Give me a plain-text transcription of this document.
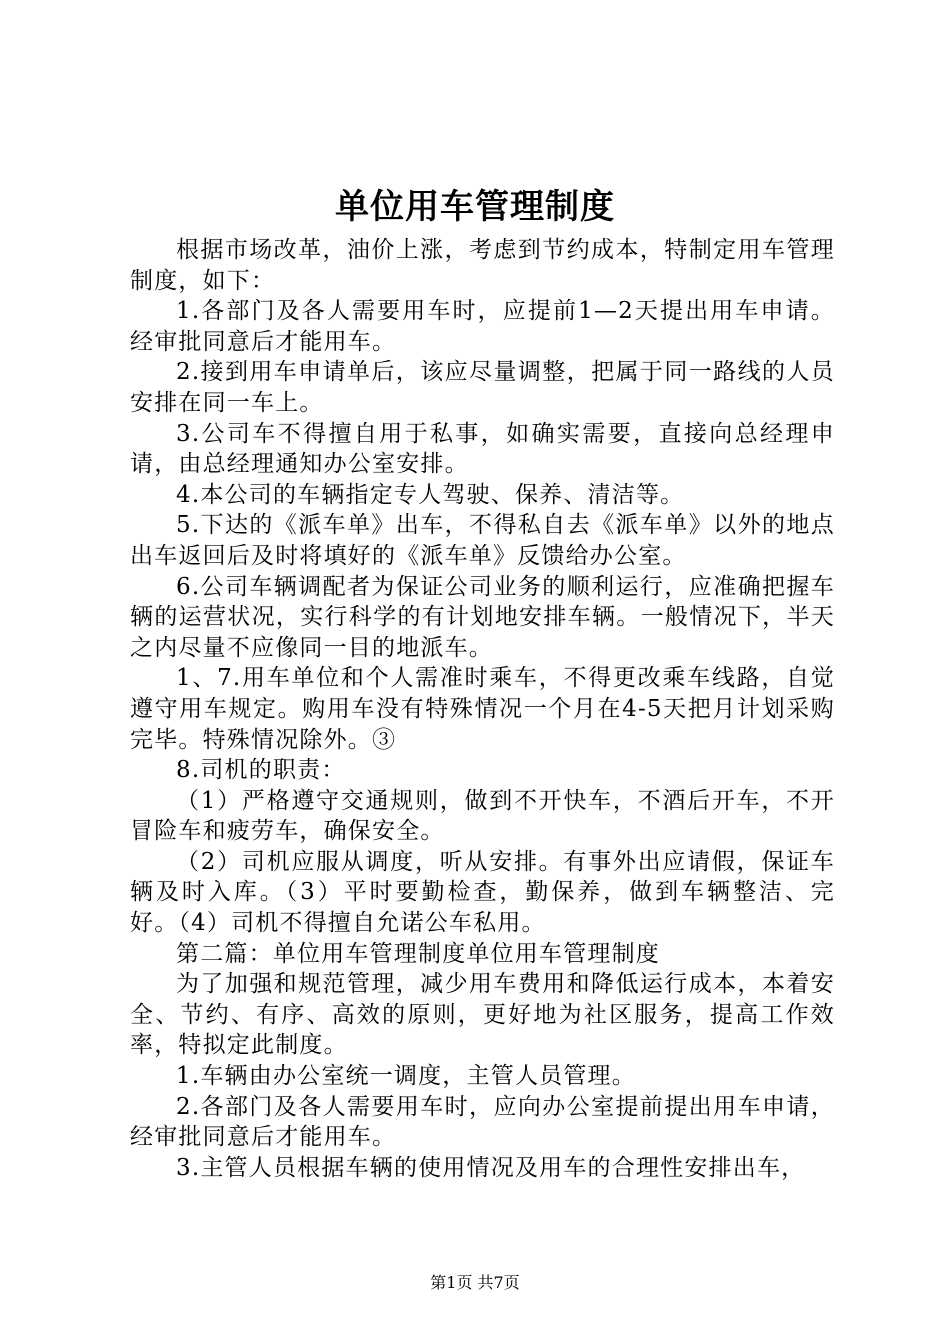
单位用车管理制度

根据市场改革，油价上涨，考虑到节约成本，特制定用车管理制度，如下：

1.各部门及各人需要用车时，应提前1—2天提出用车申请。经审批同意后才能用车。

2.接到用车申请单后，该应尽量调整，把属于同一路线的人员安排在同一车上。

3.公司车不得擅自用于私事，如确实需要，直接向总经理申请，由总经理通知办公室安排。

4.本公司的车辆指定专人驾驶、保养、清洁等。

5.下达的《派车单》出车，不得私自去《派车单》以外的地点出车返回后及时将填好的《派车单》反馈给办公室。

6.公司车辆调配者为保证公司业务的顺利运行，应准确把握车辆的运营状况，实行科学的有计划地安排车辆。一般情况下，半天之内尽量不应像同一目的地派车。

1、7.用车单位和个人需准时乘车，不得更改乘车线路，自觉遵守用车规定。购用车没有特殊情况一个月在4-5天把月计划采购完毕。特殊情况除外。③

8.司机的职责：

（1）严格遵守交通规则，做到不开快车，不酒后开车，不开冒险车和疲劳车，确保安全。

（2）司机应服从调度，听从安排。有事外出应请假，保证车辆及时入库。（3）平时要勤检查，勤保养，做到车辆整洁、完好。（4）司机不得擅自允诺公车私用。

第二篇：单位用车管理制度单位用车管理制度

为了加强和规范管理，减少用车费用和降低运行成本，本着安全、节约、有序、高效的原则，更好地为社区服务，提高工作效率，特拟定此制度。

1.车辆由办公室统一调度，主管人员管理。

2.各部门及各人需要用车时，应向办公室提前提出用车申请，经审批同意后才能用车。

3.主管人员根据车辆的使用情况及用车的合理性安排出车，

第1页 共7页
